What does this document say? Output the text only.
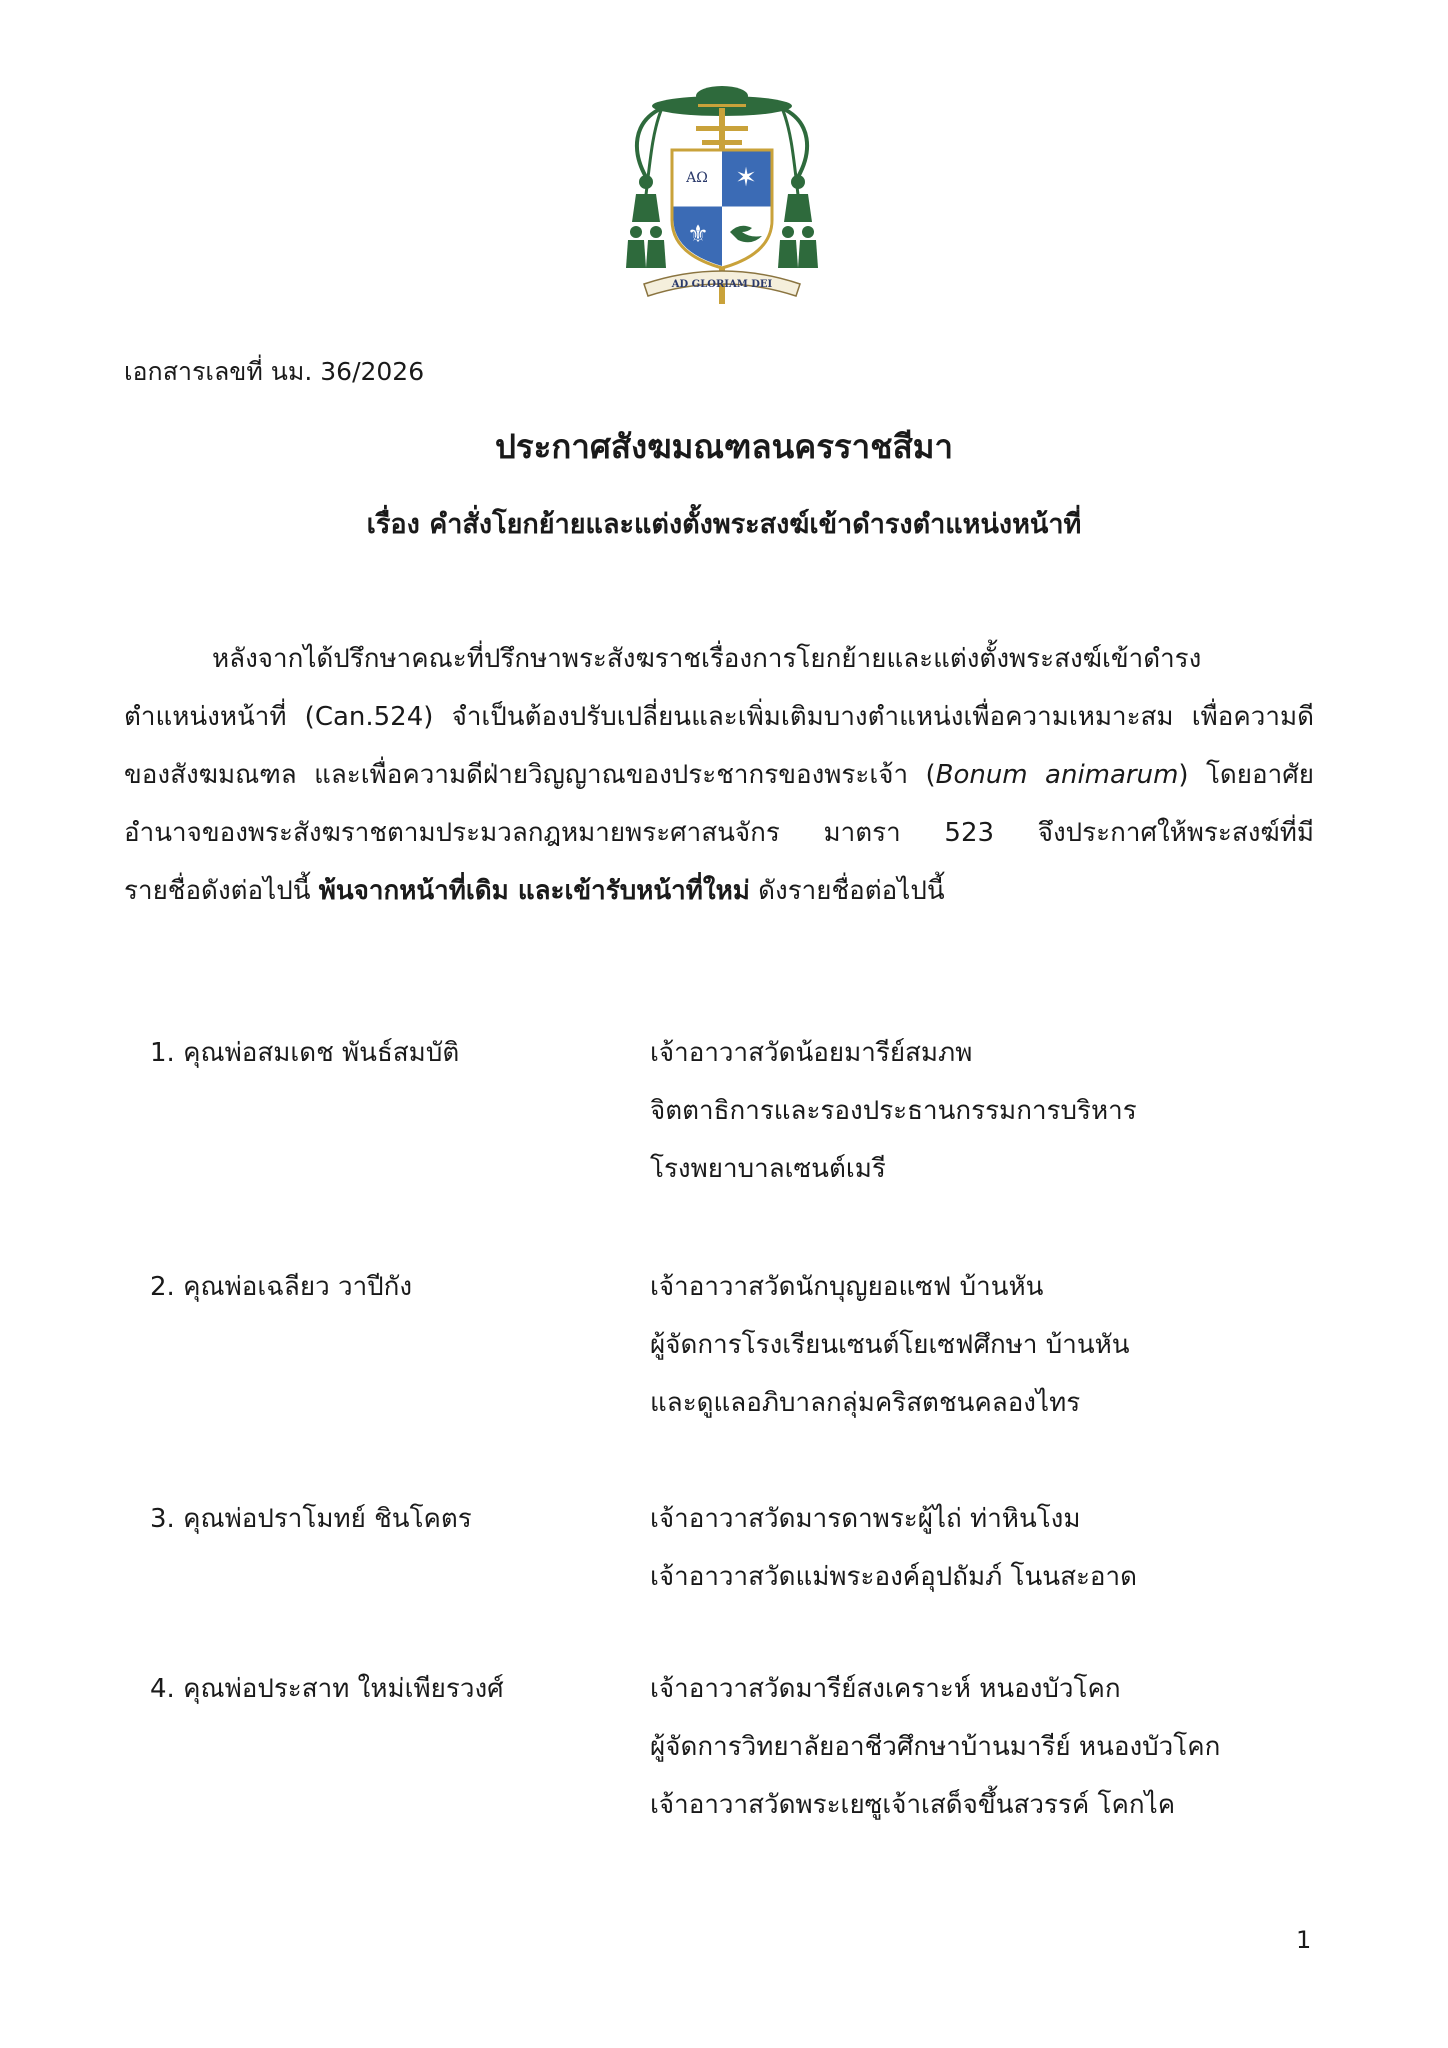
AΩ ✶
⚜
AD GLORIAM DEI
เอกสารเลขที่ นม. 36/2026
ประกาศสังฆมณฑลนครราชสีมา
เรื่อง คำสั่งโยกย้ายและแต่งตั้งพระสงฆ์เข้าดำรงตำแหน่งหน้าที่

หลังจากได้ปรึกษาคณะที่ปรึกษาพระสังฆราชเรื่องการโยกย้ายและแต่งตั้งพระสงฆ์เข้าดำรง

ตำแหน่งหน้าที่ (Can.524) จำเป็นต้องปรับเปลี่ยนและเพิ่มเติมบางตำแหน่งเพื่อความเหมาะสม เพื่อความดี

ของสังฆมณฑล และเพื่อความดีฝ่ายวิญญาณของประชากรของพระเจ้า (Bonum animarum) โดยอาศัย

อำนาจของพระสังฆราชตามประมวลกฎหมายพระศาสนจักร มาตรา 523 จึงประกาศให้พระสงฆ์ที่มี

รายชื่อดังต่อไปนี้ พ้นจากหน้าที่เดิม และเข้ารับหน้าที่ใหม่ ดังรายชื่อต่อไปนี้

1. คุณพ่อสมเดช พันธ์สมบัติ	เจ้าอาวาสวัดน้อยมารีย์สมภพ
จิตตาธิการและรองประธานกรรมการบริหาร
โรงพยาบาลเซนต์เมรี
2. คุณพ่อเฉลียว วาปีกัง	เจ้าอาวาสวัดนักบุญยอแซฟ บ้านหัน
ผู้จัดการโรงเรียนเซนต์โยเซฟศึกษา บ้านหัน
และดูแลอภิบาลกลุ่มคริสตชนคลองไทร
3. คุณพ่อปราโมทย์ ชินโคตร	เจ้าอาวาสวัดมารดาพระผู้ไถ่ ท่าหินโงม
เจ้าอาวาสวัดแม่พระองค์อุปถัมภ์ โนนสะอาด
4. คุณพ่อประสาท ใหม่เพียรวงศ์	เจ้าอาวาสวัดมารีย์สงเคราะห์ หนองบัวโคก
ผู้จัดการวิทยาลัยอาชีวศึกษาบ้านมารีย์ หนองบัวโคก
เจ้าอาวาสวัดพระเยซูเจ้าเสด็จขึ้นสวรรค์ โคกไค
1
